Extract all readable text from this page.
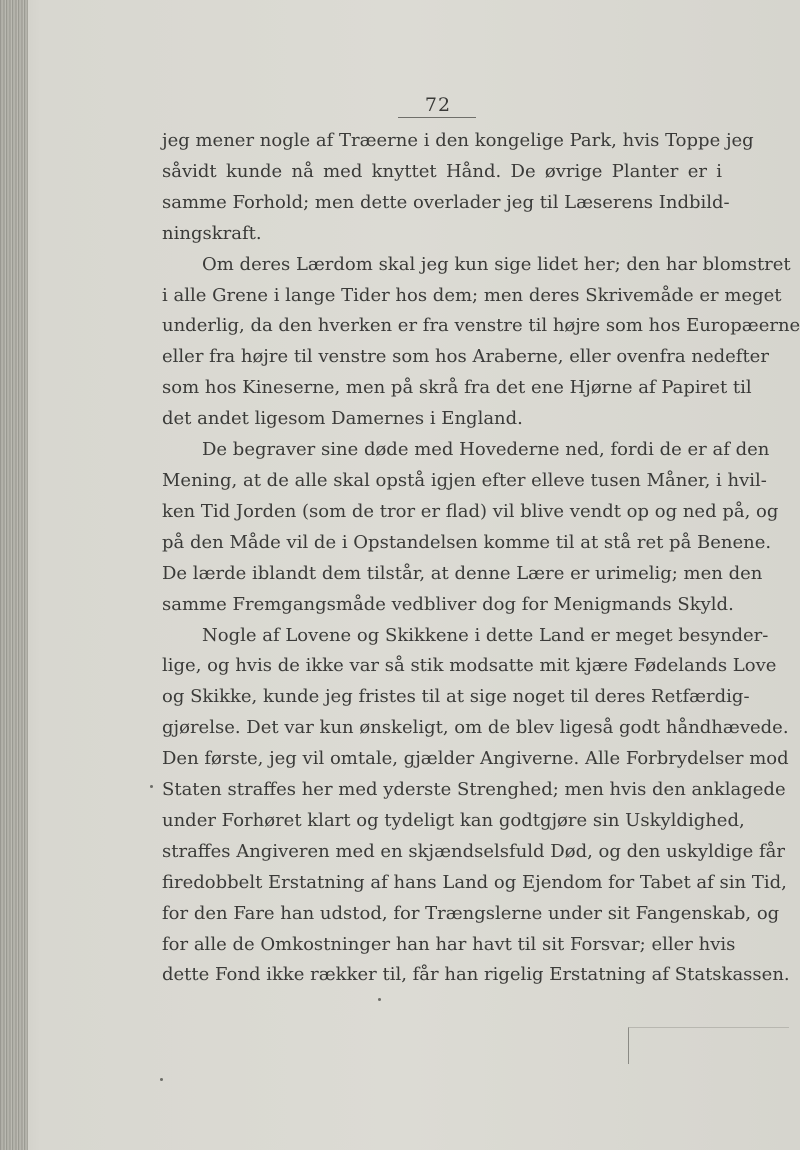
72
jeg mener nogle af Træerne i den kongelige Park, hvis Toppe jeg
såvidt kunde nå med knyttet Hånd. De øvrige Planter er i
samme Forhold; men dette overlader jeg til Læserens Indbild-
ningskraft.
Om deres Lærdom skal jeg kun sige lidet her; den har blomstret
i alle Grene i lange Tider hos dem; men deres Skrivemåde er meget
underlig, da den hverken er fra venstre til højre som hos Europæerne
eller fra højre til venstre som hos Araberne, eller ovenfra nedefter
som hos Kineserne, men på skrå fra det ene Hjørne af Papiret til
det andet ligesom Damernes i England.
De begraver sine døde med Hovederne ned, fordi de er af den
Mening, at de alle skal opstå igjen efter elleve tusen Måner, i hvil-
ken Tid Jorden (som de tror er flad) vil blive vendt op og ned på, og
på den Måde vil de i Opstandelsen komme til at stå ret på Benene.
De lærde iblandt dem tilstår, at denne Lære er urimelig; men den
samme Fremgangsmåde vedbliver dog for Menigmands Skyld.
Nogle af Lovene og Skikkene i dette Land er meget besynder-
lige, og hvis de ikke var så stik modsatte mit kjære Fødelands Love
og Skikke, kunde jeg fristes til at sige noget til deres Retfærdig-
gjørelse. Det var kun ønskeligt, om de blev ligeså godt håndhævede.
Den første, jeg vil omtale, gjælder Angiverne. Alle Forbrydelser mod
Staten straffes her med yderste Strenghed; men hvis den anklagede
under Forhøret klart og tydeligt kan godtgjøre sin Uskyldighed,
straffes Angiveren med en skjændselsfuld Død, og den uskyldige får
firedobbelt Erstatning af hans Land og Ejendom for Tabet af sin Tid,
for den Fare han udstod, for Trængslerne under sit Fangenskab, og
for alle de Omkostninger han har havt til sit Forsvar; eller hvis
dette Fond ikke rækker til, får han rigelig Erstatning af Statskassen.
